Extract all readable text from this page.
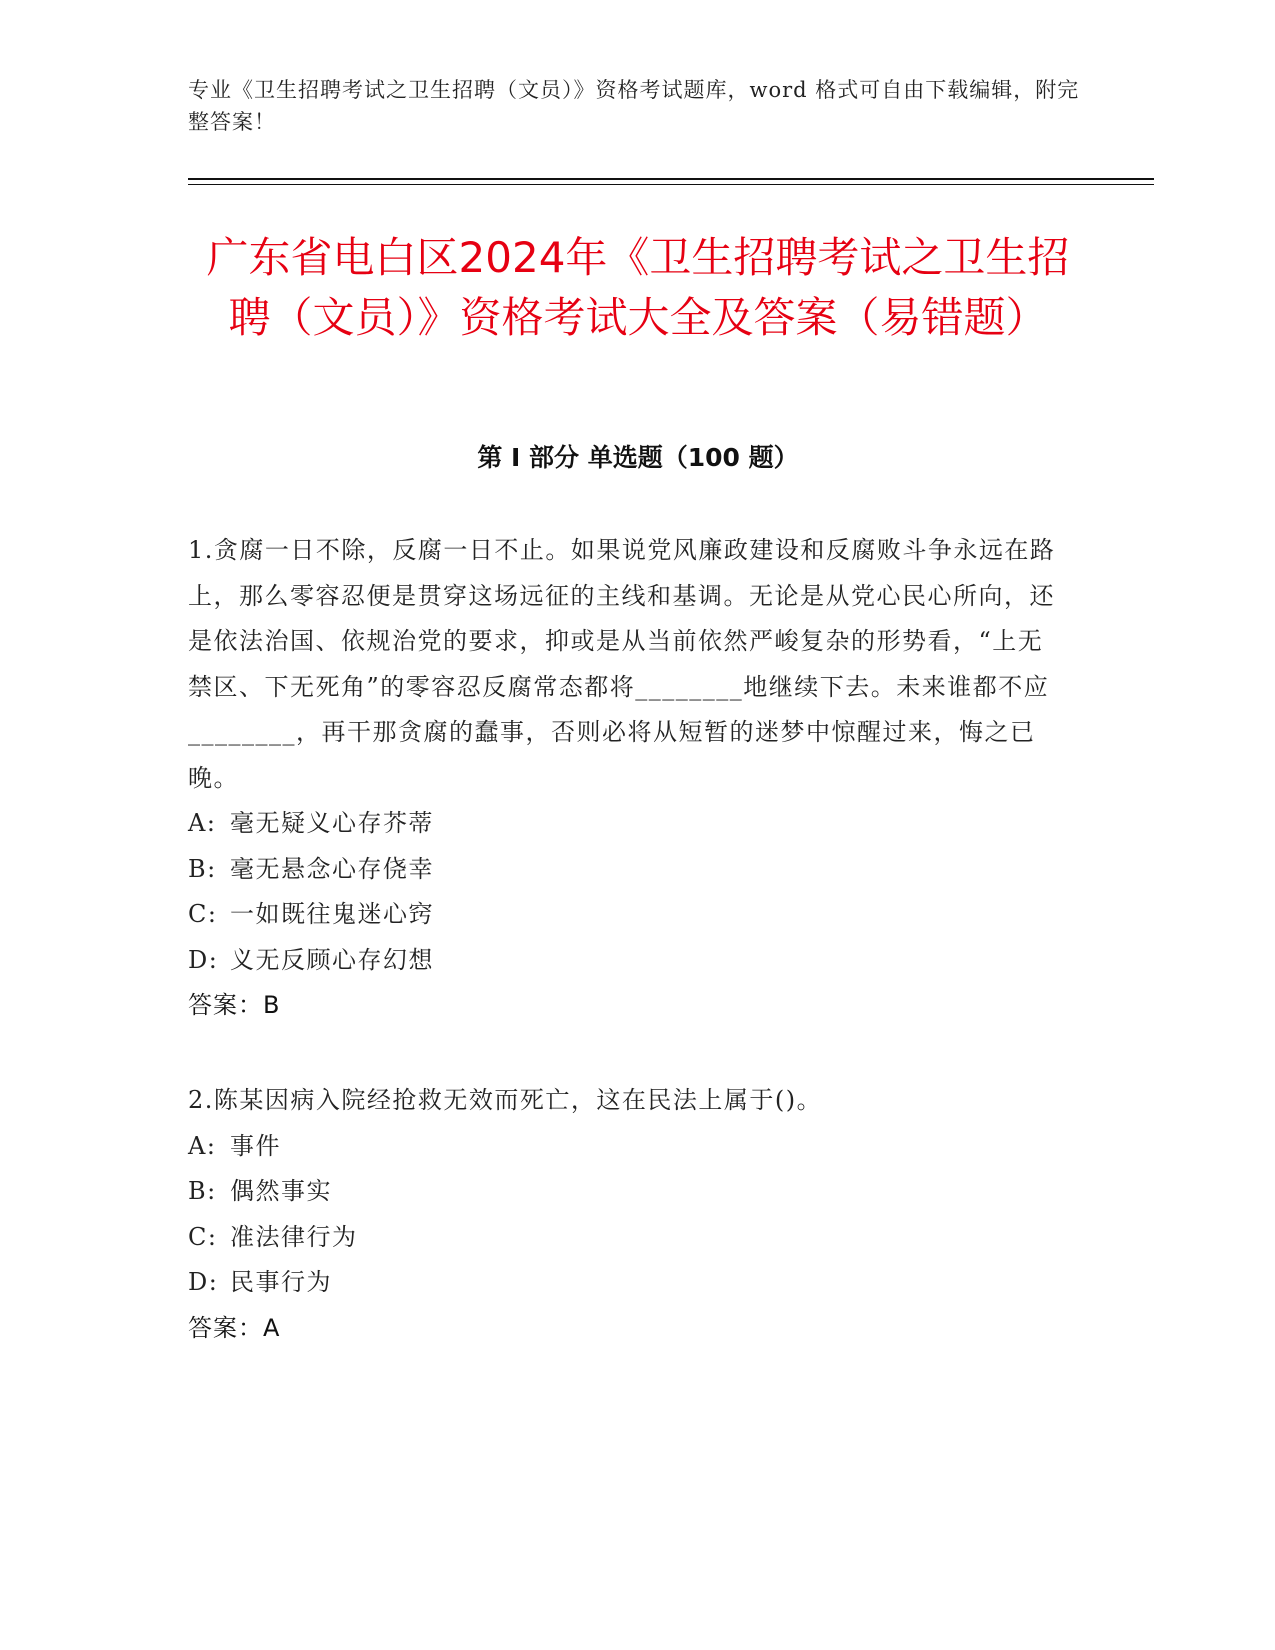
专业《卫生招聘考试之卫生招聘（文员）》资格考试题库，word 格式可自由下载编辑，附完整答案！
广东省电白区2024年《卫生招聘考试之卫生招聘（文员）》资格考试大全及答案（易错题）
第 I 部分 单选题（100 题）

1.贪腐一日不除，反腐一日不止。如果说党风廉政建设和反腐败斗争永远在路上，那么零容忍便是贯穿这场远征的主线和基调。无论是从党心民心所向，还是依法治国、依规治党的要求，抑或是从当前依然严峻复杂的形势看，“上无禁区、下无死角”的零容忍反腐常态都将________地继续下去。未来谁都不应________，再干那贪腐的蠢事，否则必将从短暂的迷梦中惊醒过来，悔之已晚。

A: 毫无疑义心存芥蒂

B: 毫无悬念心存侥幸

C: 一如既往鬼迷心窍

D: 义无反顾心存幻想

答案：B

2.陈某因病入院经抢救无效而死亡，这在民法上属于()。

A: 事件

B: 偶然事实

C: 准法律行为

D: 民事行为

答案：A
